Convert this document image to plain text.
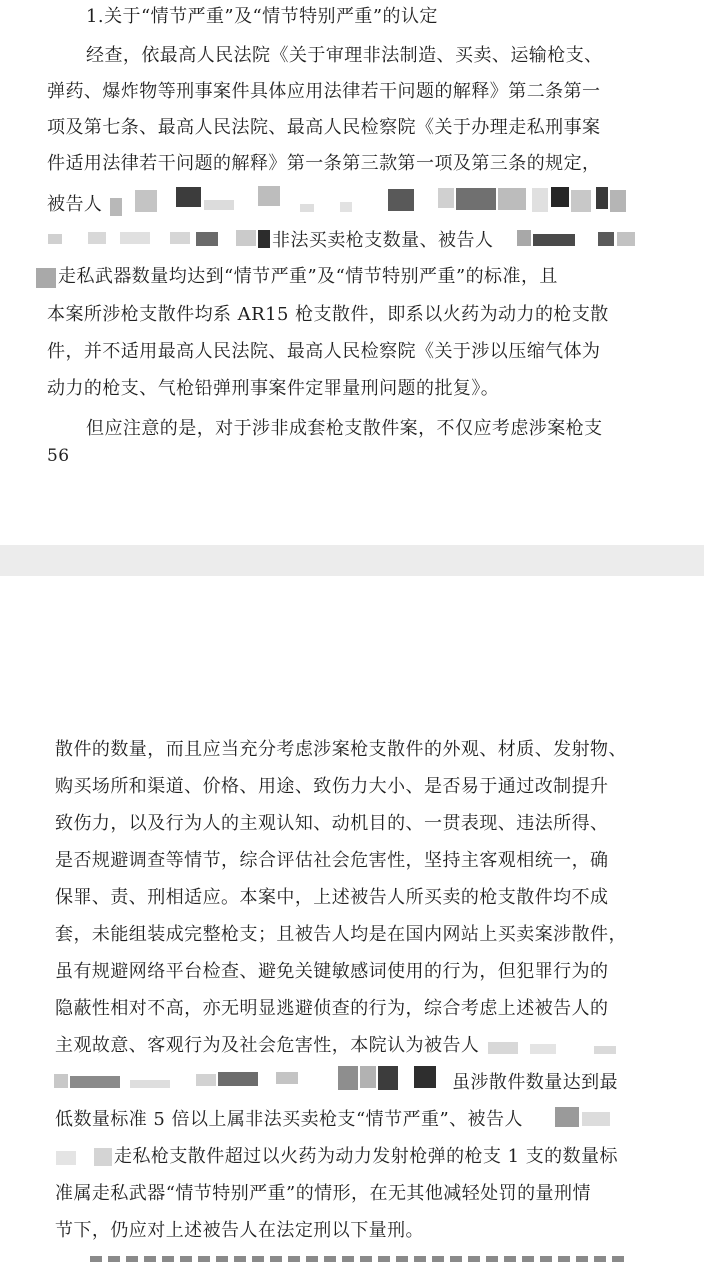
1.关于“情节严重”及“情节特别严重”的认定
经查，依最高人民法院《关于审理非法制造、买卖、运输枪支、
弹药、爆炸物等刑事案件具体应用法律若干问题的解释》第二条第一
项及第七条、最高人民法院、最高人民检察院《关于办理走私刑事案
件适用法律若干问题的解释》第一条第三款第一项及第三条的规定，
被告人
非法买卖枪支数量、被告人
走私武器数量均达到“情节严重”及“情节特别严重”的标准，且
本案所涉枪支散件均系 AR15 枪支散件，即系以火药为动力的枪支散
件，并不适用最高人民法院、最高人民检察院《关于涉以压缩气体为
动力的枪支、气枪铅弹刑事案件定罪量刑问题的批复》。
但应注意的是，对于涉非成套枪支散件案，不仅应考虑涉案枪支
56
散件的数量，而且应当充分考虑涉案枪支散件的外观、材质、发射物、
购买场所和渠道、价格、用途、致伤力大小、是否易于通过改制提升
致伤力，以及行为人的主观认知、动机目的、一贯表现、违法所得、
是否规避调查等情节，综合评估社会危害性，坚持主客观相统一，确
保罪、责、刑相适应。本案中，上述被告人所买卖的枪支散件均不成
套，未能组装成完整枪支；且被告人均是在国内网站上买卖案涉散件，
虽有规避网络平台检查、避免关键敏感词使用的行为，但犯罪行为的
隐蔽性相对不高，亦无明显逃避侦查的行为，综合考虑上述被告人的
主观故意、客观行为及社会危害性，本院认为被告人
虽涉散件数量达到最
低数量标准 5 倍以上属非法买卖枪支“情节严重”、被告人
走私枪支散件超过以火药为动力发射枪弹的枪支 1 支的数量标
准属走私武器“情节特别严重”的情形，在无其他减轻处罚的量刑情
节下，仍应对上述被告人在法定刑以下量刑。
